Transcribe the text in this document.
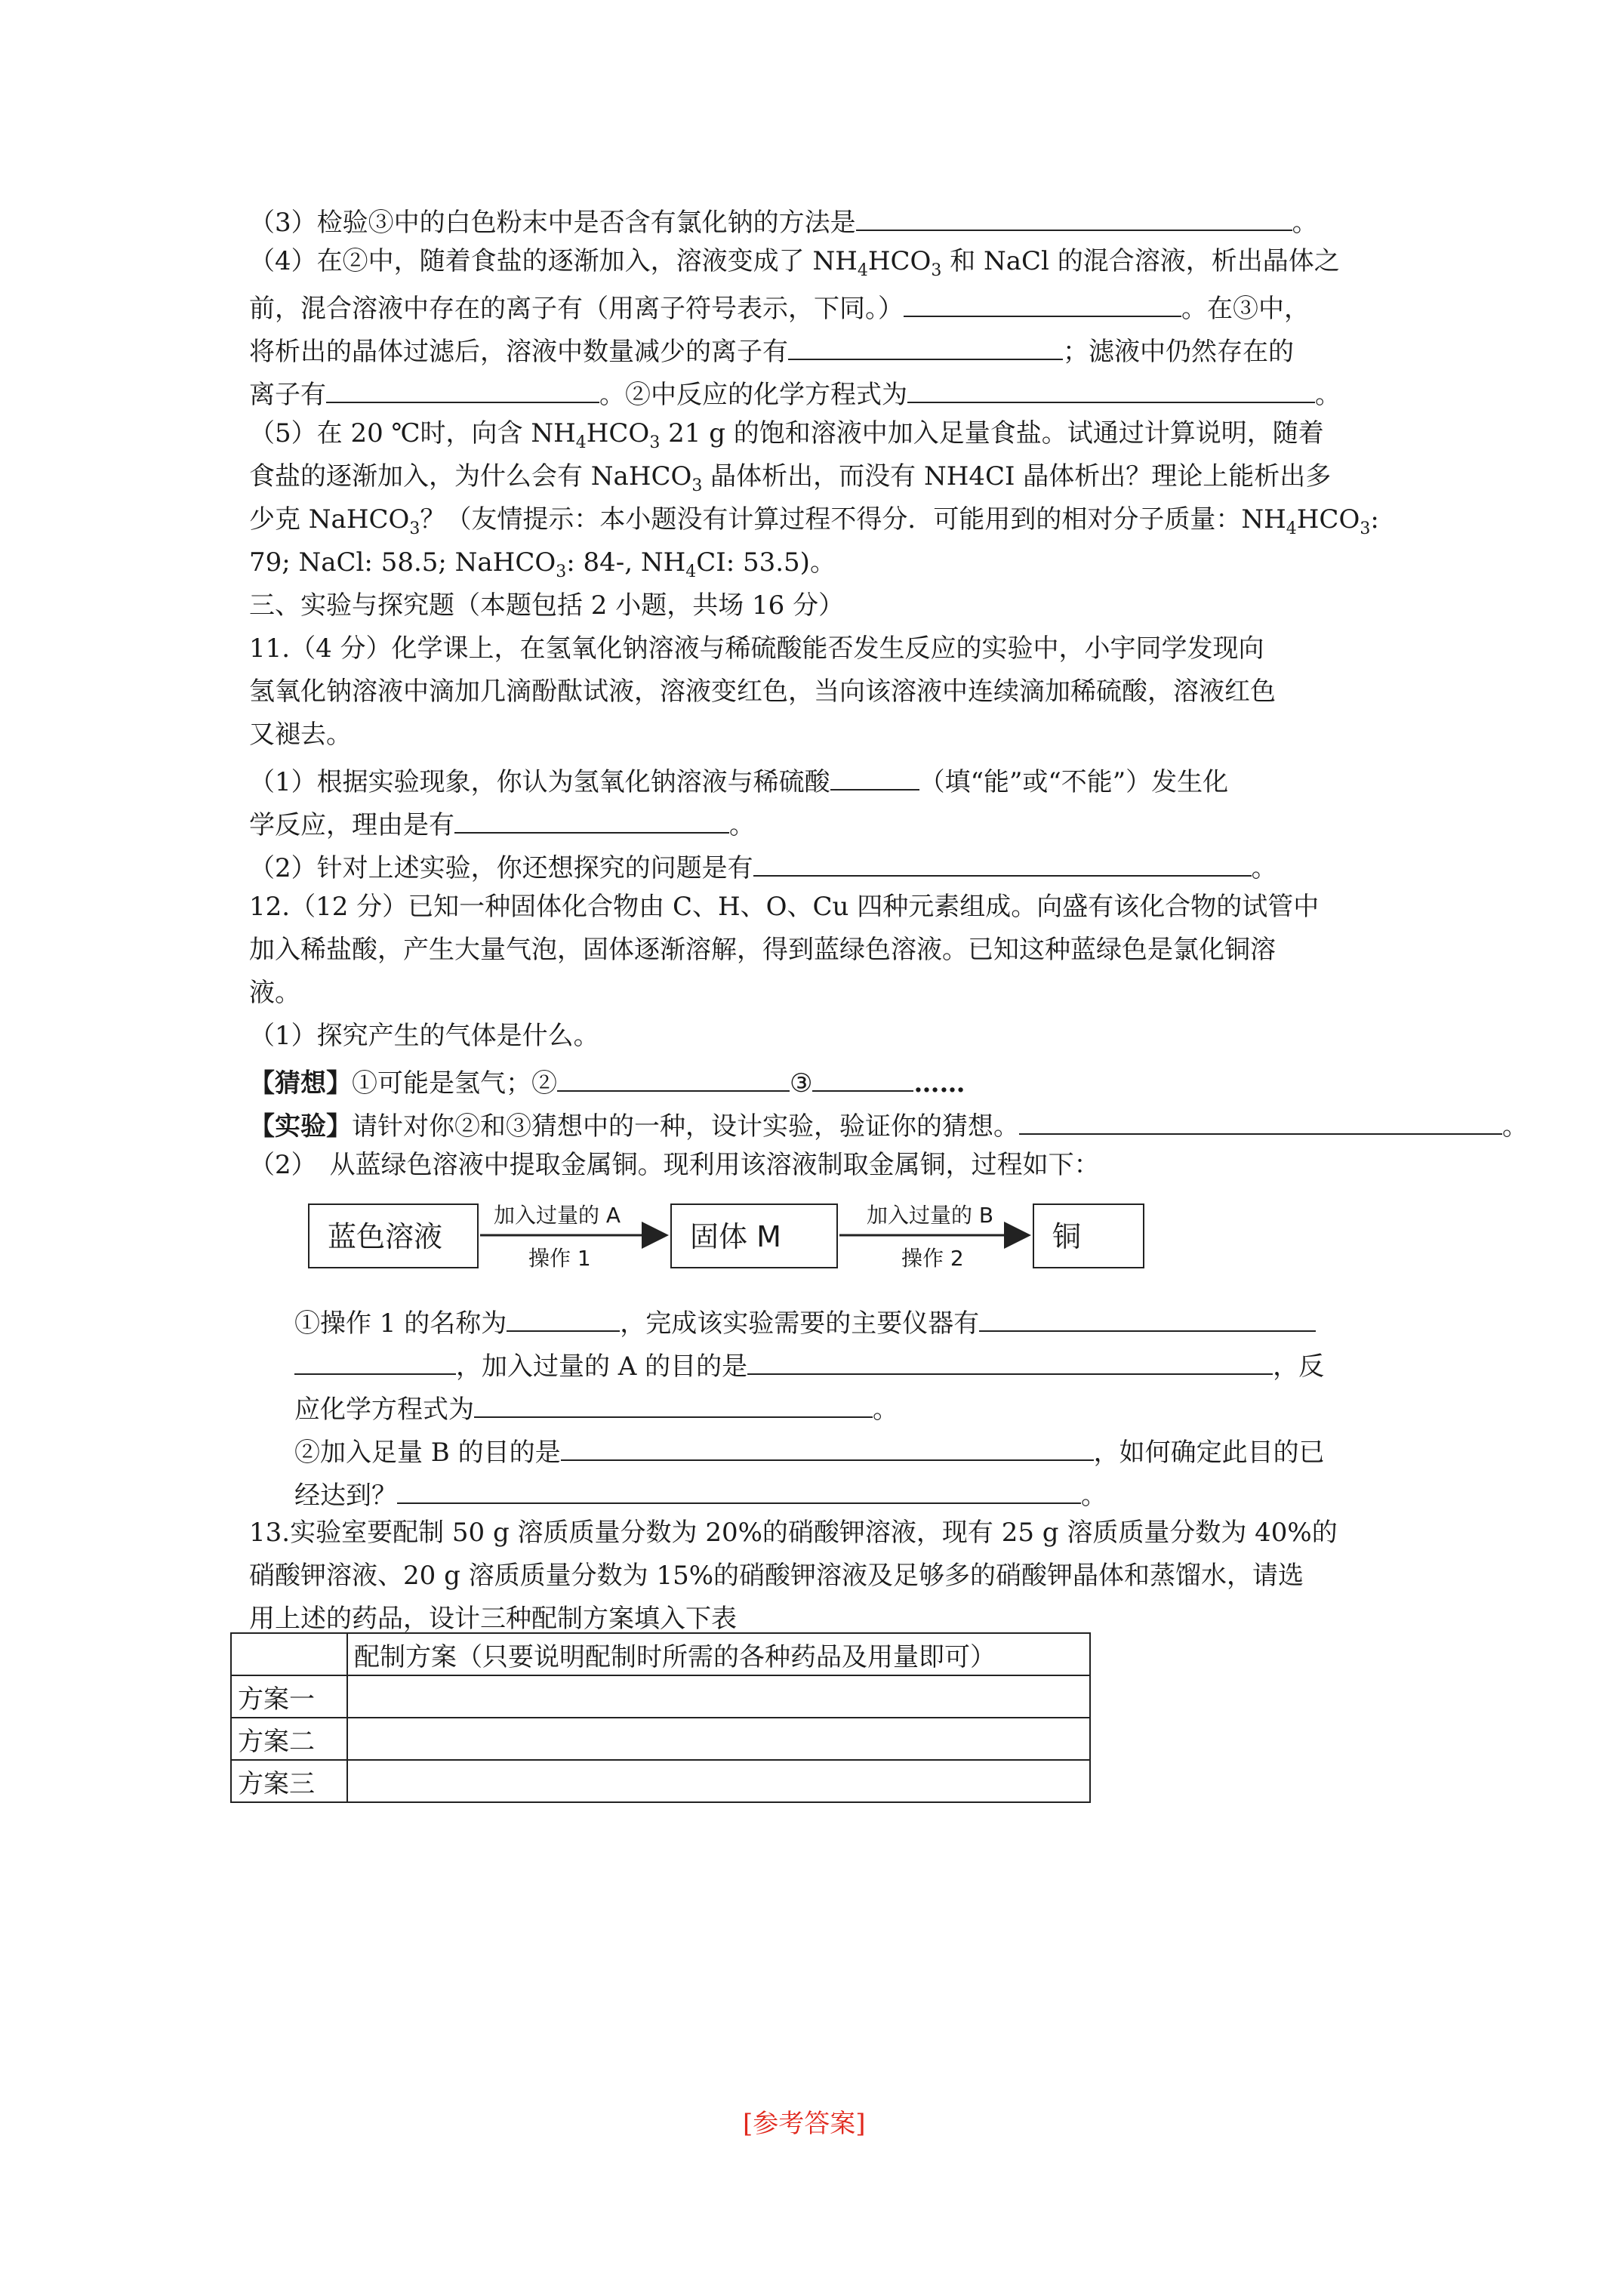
（3）检验③中的白色粉末中是否含有氯化钠的方法是	。
（4）在②中，随着食盐的逐渐加入，溶液变成了 $NH_4HCO_3$ 和 NaCl 的混合溶液，析出晶体之
前，混合溶液中存在的离子有（用离子符号表示，下同。）	。在③中，
将析出的晶体过滤后，溶液中数量减少的离子有	；滤液中仍然存在的
离子有	。②中反应的化学方程式为	。
（5）在 20 ℃时，向含 $NH_4HCO_3$ 21 g 的饱和溶液中加入足量食盐。试通过计算说明，随着
食盐的逐渐加入，为什么会有 NaHCO$_3$ 晶体析出，而没有 NH4CI 晶体析出？理论上能析出多
少克 NaHCO$_3$？（友情提示：本小题没有计算过程不得分．可能用到的相对分子质量：$NH_4HCO_3$:
79; NaCl: 58.5; NaHCO$_3$: 84-, $NH_4CI$: 53.5)。
三、实验与探究题（本题包括 2 小题，共场 16 分）
11.（4 分）化学课上，在氢氧化钠溶液与稀硫酸能否发生反应的实验中，小宇同学发现向
氢氧化钠溶液中滴加几滴酚酞试液，溶液变红色，当向该溶液中连续滴加稀硫酸，溶液红色
又褪去。
（1）根据实验现象，你认为氢氧化钠溶液与稀硫酸	（填“能”或“不能”）发生化
学反应，理由是有	。
（2）针对上述实验，你还想探究的问题是有	。
12.（12 分）已知一种固体化合物由 C、H、O、Cu 四种元素组成。向盛有该化合物的试管中
加入稀盐酸，产生大量气泡，固体逐渐溶解，得到蓝绿色溶液。已知这种蓝绿色是氯化铜溶
液。
（1）探究产生的气体是什么。
【猜想】①可能是氢气；②	③	……
【实验】请针对你②和③猜想中的一种，设计实验，验证你的猜想。	。
（2）　从蓝绿色溶液中提取金属铜。现利用该溶液制取金属铜，过程如下：
蓝色溶液	固体 M	铜
加入过量的 A
操作 1
加入过量的 B
操作 2
①操作 1 的名称为	，完成该实验需要的主要仪器有
，加入过量的 A 的目的是	，反
应化学方程式为	。
②加入足量 B 的目的是	，如何确定此目的已
经达到？	。
13.实验室要配制 50 g 溶质质量分数为 20%的硝酸钾溶液，现有 25 g 溶质质量分数为 40%的
硝酸钾溶液、20 g 溶质质量分数为 15%的硝酸钾溶液及足够多的硝酸钾晶体和蒸馏水，请选
用上述的药品，设计三种配制方案填入下表
	配制方案（只要说明配制时所需的各种药品及用量即可）
方案一	
方案二	
方案三	
[参考答案]
